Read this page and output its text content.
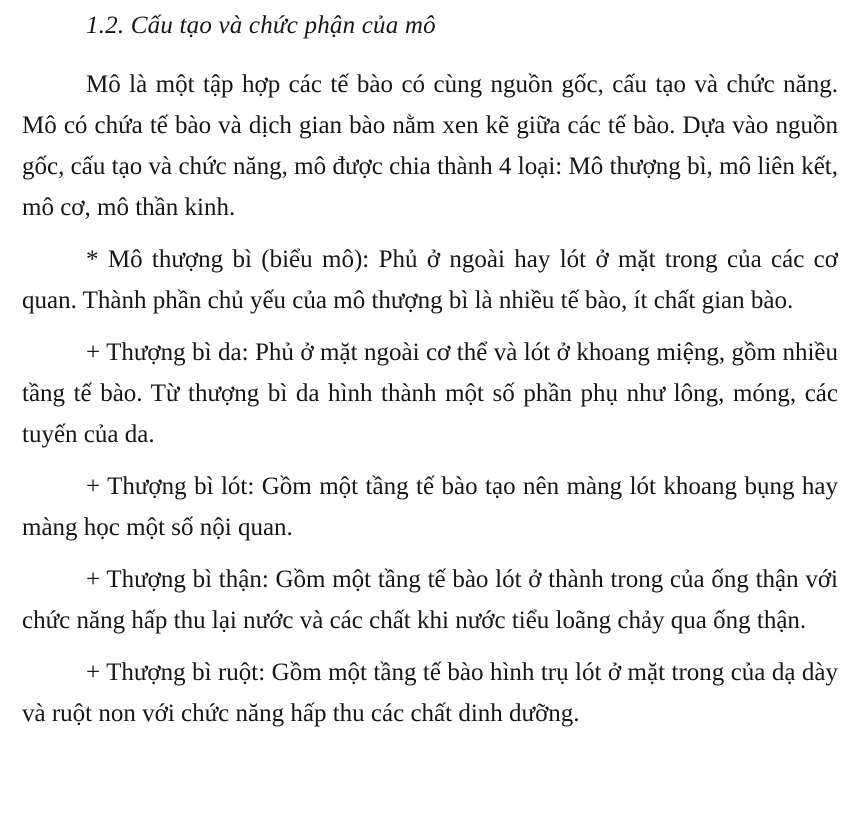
1.2. Cấu tạo và chức phận của mô

Mô là một tập hợp các tế bào có cùng nguồn gốc, cấu tạo và chức năng. Mô có chứa tế bào và dịch gian bào nằm xen kẽ giữa các tế bào. Dựa vào nguồn gốc, cấu tạo và chức năng, mô được chia thành 4 loại: Mô thượng bì, mô liên kết, mô cơ, mô thần kinh.

* Mô thượng bì (biểu mô): Phủ ở ngoài hay lót ở mặt trong của các cơ quan. Thành phần chủ yếu của mô thượng bì là nhiều tế bào, ít chất gian bào.

+ Thượng bì da: Phủ ở mặt ngoài cơ thể và lót ở khoang miệng, gồm nhiều tầng tế bào. Từ thượng bì da hình thành một số phần phụ như lông, móng, các tuyến của da.

+ Thượng bì lót: Gồm một tầng tế bào tạo nên màng lót khoang bụng hay màng học một số nội quan.

+ Thượng bì thận: Gồm một tầng tế bào lót ở thành trong của ống thận với chức năng hấp thu lại nước và các chất khi nước tiểu loãng chảy qua ống thận.

+ Thượng bì ruột: Gồm một tầng tế bào hình trụ lót ở mặt trong của dạ dày và ruột non với chức năng hấp thu các chất dinh dưỡng.
